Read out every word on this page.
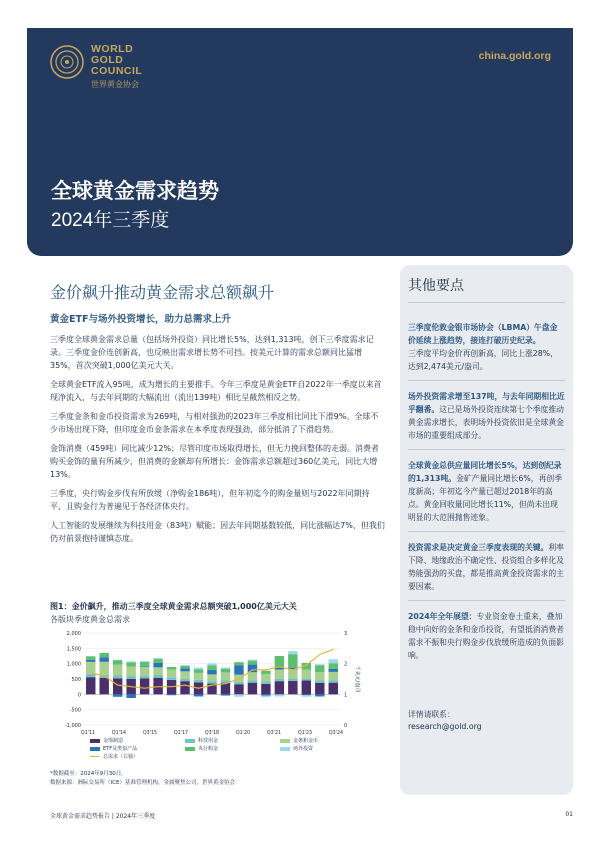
WORLD
GOLD
COUNCIL
世界黄金协会
china.gold.org
全球黄金需求趋势
2024年三季度
金价飙升推动黄金需求总额飙升
黄金ETF与场外投资增长，助力总需求上升

三季度全球黄金需求总量（包括场外投资）同比增长5%，达到1,313吨，创下三季度需求记录。三季度金价连创新高，也反映出需求增长势不可挡。按美元计算的需求总额同比猛增35%，首次突破1,000亿美元大关。

全球黄金ETF流入95吨，成为增长的主要推手。今年三季度是黄金ETF自2022年一季度以来首现净流入，与去年同期的大幅流出（流出139吨）相比呈截然相反之势。

三季度金条和金币投资需求为269吨，与相对强劲的2023年三季度相比同比下滑9%。全球不少市场出现下降，但印度金币金条需求在本季度表现强劲，部分抵消了下滑趋势。

金饰消费（459吨）同比减少12%；尽管印度市场取得增长，但无力挽回整体的走弱。消费者购买金饰的量有所减少，但消费的金额却有所增长：金饰需求总额超过360亿美元，同比大增13%。

三季度，央行购金步伐有所放缓（净购金186吨），但年初迄今的购金量则与2022年同期持平，且购金行为普遍见于各经济体央行。

人工智能的发展继续为科技用金（83吨）赋能；因去年同期基数较低，同比涨幅达7%，但我们仍对前景抱持谨慎态度。

图1：金价飙升，推动三季度全球黄金需求总额突破1,000亿美元大关
各版块季度黄金总需求
-1,000
-500
0
500
1,000
1,500
2,000
0
1
2
3
千美元/盎司
Q1'11	Q1'14	Q3'15	Q1'17	Q3'18	Q1'20	Q3'21	Q1'23	Q3'24
金饰制造	科技用金	金条和金币
ETF及类似产品	央行购金	场外投资
总需求（右轴）
*数据截至：2024年9月30日。
数据来源：洲际交易所（ICE）基准管理机构，金属聚焦公司，世界黄金协会
其他要点
三季度伦敦金银市场协会（LBMA）午盘金价延续上涨趋势，接连打破历史纪录。
三季度平均金价再创新高，同比上涨28%，达到2,474美元/盎司。
场外投资需求增至137吨，与去年同期相比近乎翻番。这已是场外投资连续第七个季度推动黄金需求增长，表明场外投资依旧是全球黄金市场的重要组成部分。
全球黄金总供应量同比增长5%，达到创纪录的1,313吨。金矿产量同比增长6%，再创季度新高；年初迄今产量已超过2018年的高点。黄金回收量同比增长11%，但尚未出现明显的大范围抛售迹象。
投资需求是决定黄金三季度表现的关键。利率下降、地缘政治不确定性、投资组合多样化及势能强劲的买盘，都是推高黄金投资需求的主要因素。
2024年全年展望：专业资金卷土重来，叠加稳中向好的金条和金币投资，有望抵消消费者需求不振和央行购金步伐放缓所造成的负面影响。
详情请联系：
research@gold.org
全球黄金需求趋势报告 | 2024年三季度	01
